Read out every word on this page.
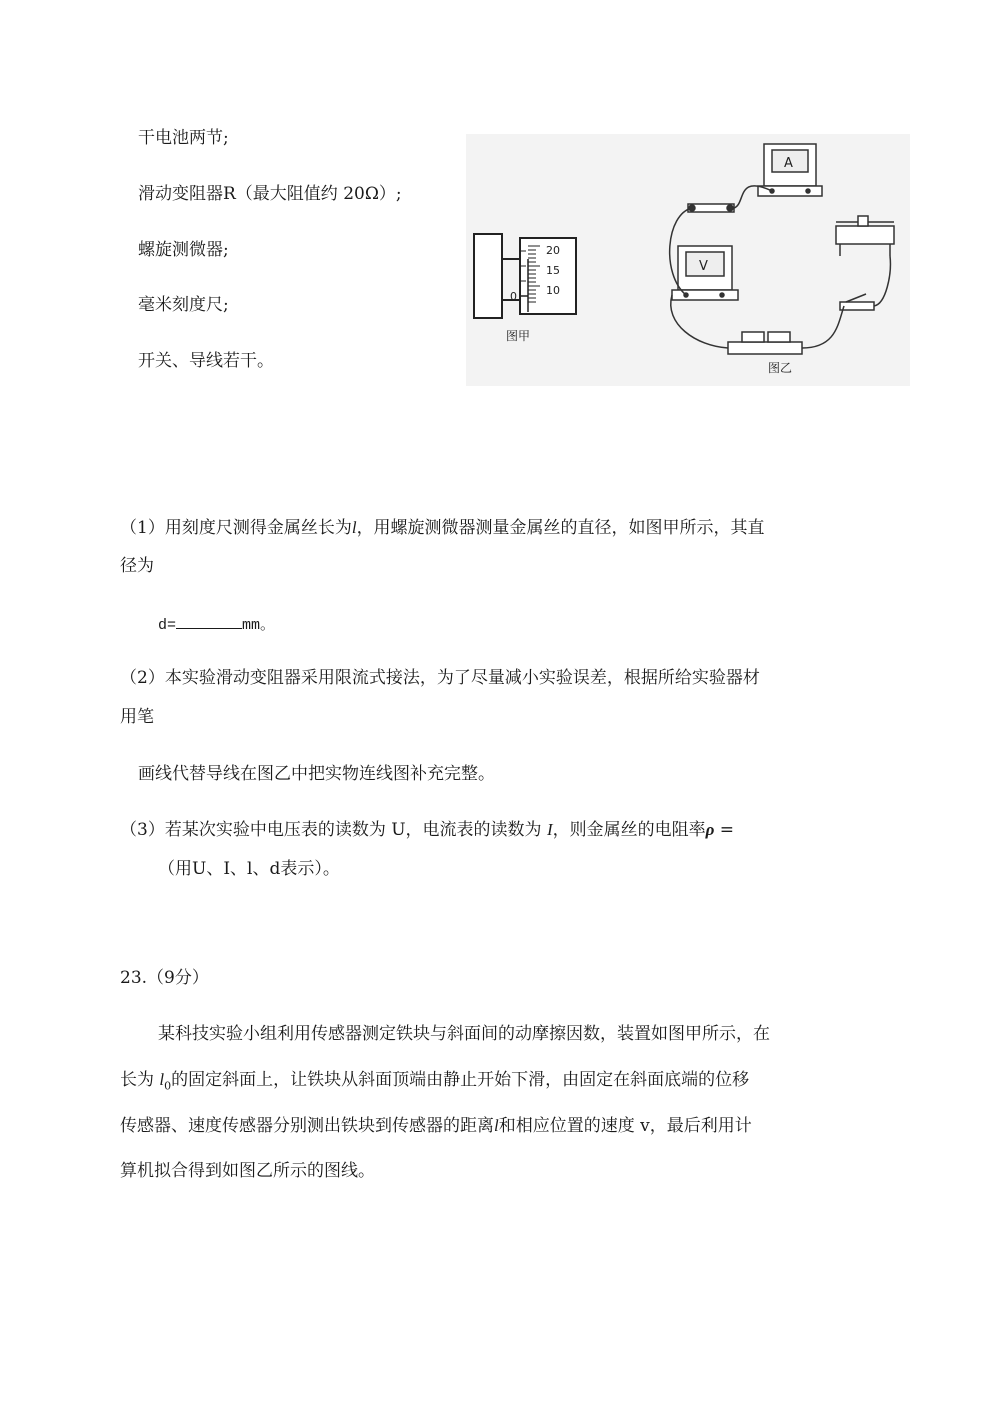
干电池两节;
滑动变阻器R（最大阻值约 20Ω）;
螺旋测微器;
毫米刻度尺;
开关、导线若干。
20
15
10
0
图甲
A
V
图乙
（1）用刻度尺测得金属丝长为l，用螺旋测微器测量金属丝的直径，如图甲所示，其直
径为
d=	mm。
（2）本实验滑动变阻器采用限流式接法，为了尽量减小实验误差，根据所给实验器材
用笔
画线代替导线在图乙中把实物连线图补充完整。
（3）若某次实验中电压表的读数为 U，电流表的读数为 I，则金属丝的电阻率ρ =
（用U、I、l、d表示）。
23.（9分）
某科技实验小组利用传感器测定铁块与斜面间的动摩擦因数，装置如图甲所示，在
长为 $l_0$的固定斜面上，让铁块从斜面顶端由静止开始下滑，由固定在斜面底端的位移
传感器、速度传感器分别测出铁块到传感器的距离l和相应位置的速度 v，最后利用计
算机拟合得到如图乙所示的图线。
